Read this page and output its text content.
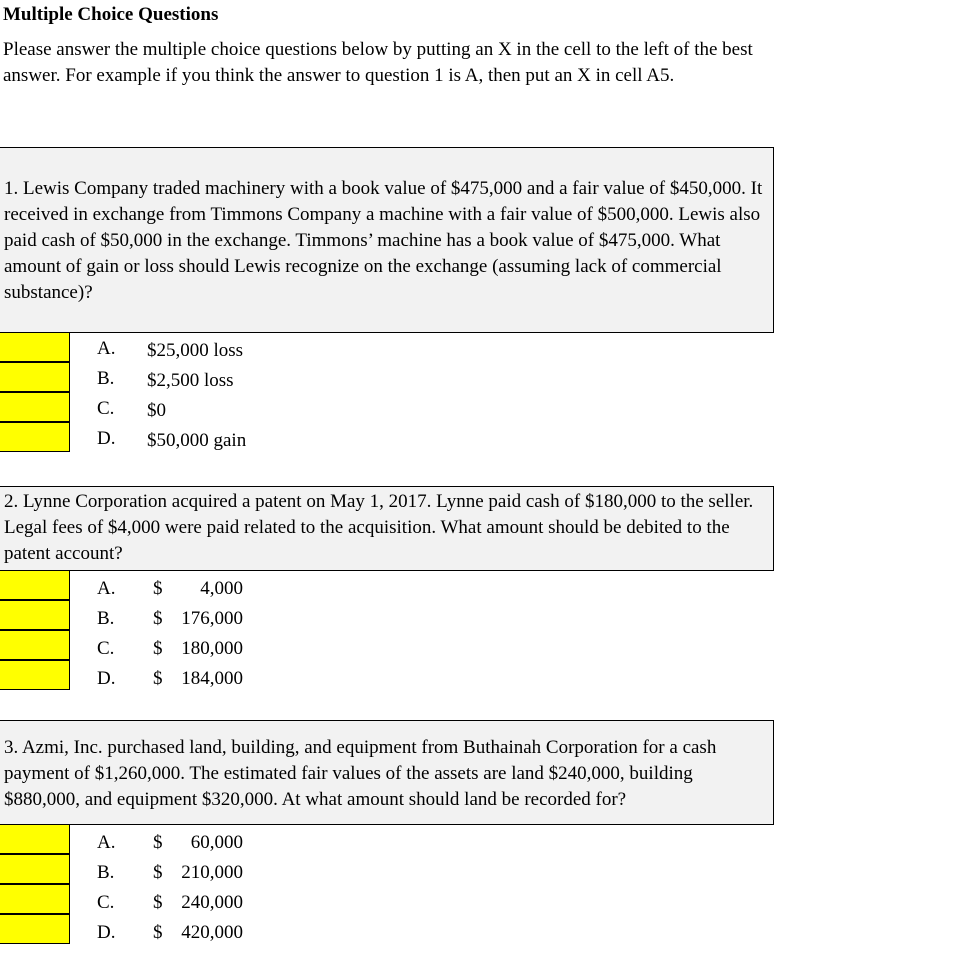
Multiple Choice Questions
Please answer the multiple choice questions below by putting an X in the cell to the left of the best answer. For example if you think the answer to question 1 is A, then put an X in cell A5.
1. Lewis Company traded machinery with a book value of $475,000 and a fair value of $450,000. It received in exchange from Timmons Company a machine with a fair value of $500,000. Lewis also paid cash of $50,000 in the exchange. Timmons’ machine has a book value of $475,000. What amount of gain or loss should Lewis recognize on the exchange (assuming lack of commercial substance)?
A. $25,000 loss
B. $2,500 loss
C. $0
D. $50,000 gain
2. Lynne Corporation acquired a patent on May 1, 2017. Lynne paid cash of $180,000 to the seller. Legal fees of $4,000 were paid related to the acquisition. What amount should be debited to the patent account?
A. $	4,000
B. $ 176,000
C. $ 180,000
D. $ 184,000
3. Azmi, Inc. purchased land, building, and equipment from Buthainah Corporation for a cash payment of $1,260,000. The estimated fair values of the assets are land $240,000, building $880,000, and equipment $320,000. At what amount should land be recorded for?
A. $	60,000
B. $ 210,000
C. $ 240,000
D. $ 420,000
